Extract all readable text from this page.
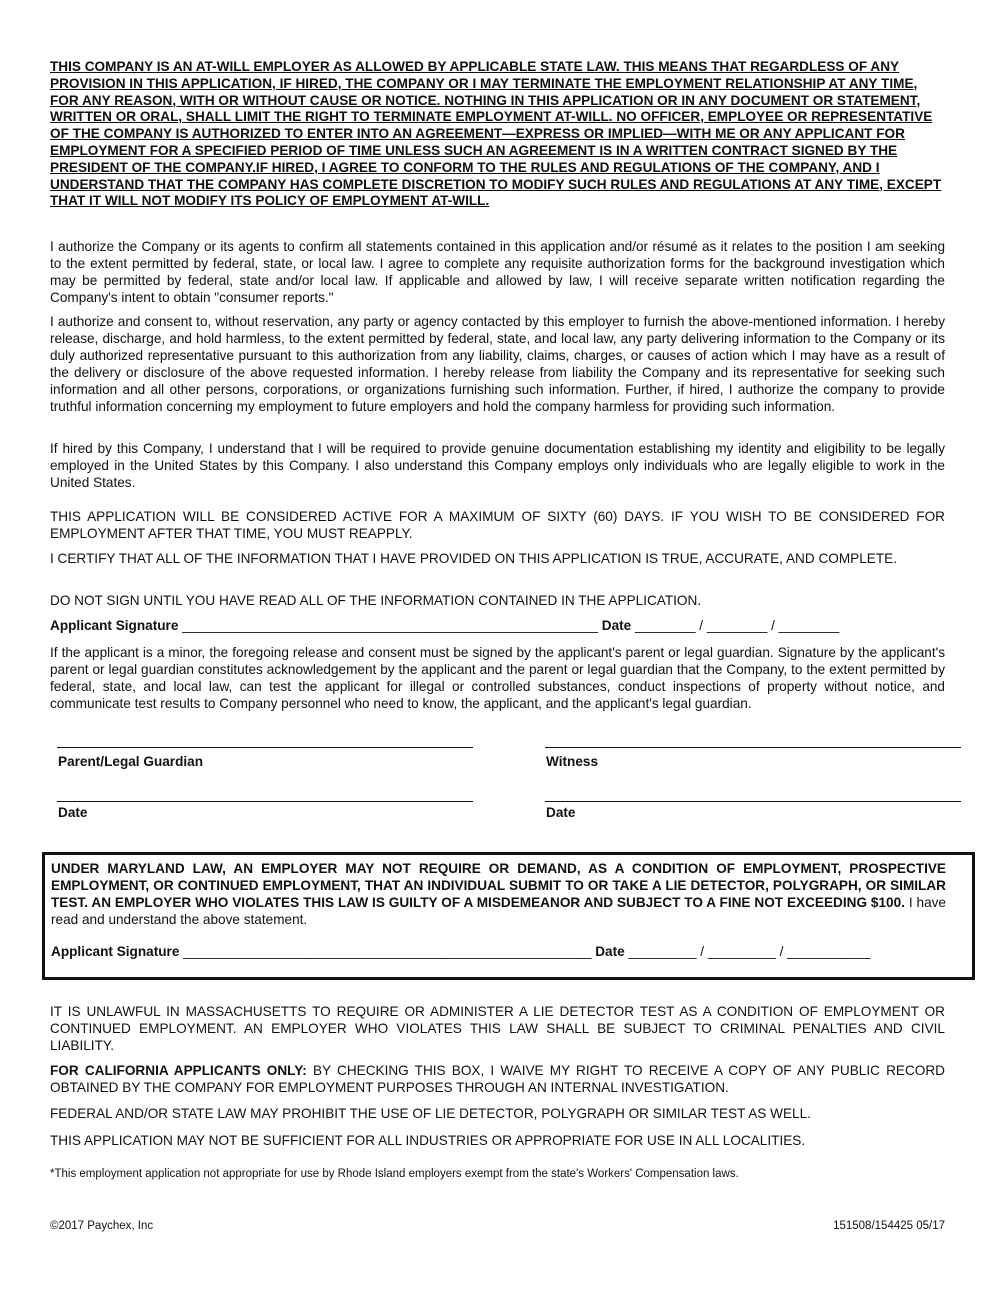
THIS COMPANY IS AN AT-WILL EMPLOYER AS ALLOWED BY APPLICABLE STATE LAW. THIS MEANS THAT REGARDLESS OF ANY PROVISION IN THIS APPLICATION, IF HIRED, THE COMPANY OR I MAY TERMINATE THE EMPLOYMENT RELATIONSHIP AT ANY TIME, FOR ANY REASON, WITH OR WITHOUT CAUSE OR NOTICE. NOTHING IN THIS APPLICATION OR IN ANY DOCUMENT OR STATEMENT, WRITTEN OR ORAL, SHALL LIMIT THE RIGHT TO TERMINATE EMPLOYMENT AT-WILL. NO OFFICER, EMPLOYEE OR REPRESENTATIVE OF THE COMPANY IS AUTHORIZED TO ENTER INTO AN AGREEMENT—EXPRESS OR IMPLIED—WITH ME OR ANY APPLICANT FOR EMPLOYMENT FOR A SPECIFIED PERIOD OF TIME UNLESS SUCH AN AGREEMENT IS IN A WRITTEN CONTRACT SIGNED BY THE PRESIDENT OF THE COMPANY.IF HIRED, I AGREE TO CONFORM TO THE RULES AND REGULATIONS OF THE COMPANY, AND I UNDERSTAND THAT THE COMPANY HAS COMPLETE DISCRETION TO MODIFY SUCH RULES AND REGULATIONS AT ANY TIME, EXCEPT THAT IT WILL NOT MODIFY ITS POLICY OF EMPLOYMENT AT-WILL.
I authorize the Company or its agents to confirm all statements contained in this application and/or résumé as it relates to the position I am seeking to the extent permitted by federal, state, or local law. I agree to complete any requisite authorization forms for the background investigation which may be permitted by federal, state and/or local law. If applicable and allowed by law, I will receive separate written notification regarding the Company's intent to obtain "consumer reports."
I authorize and consent to, without reservation, any party or agency contacted by this employer to furnish the above-mentioned information. I hereby release, discharge, and hold harmless, to the extent permitted by federal, state, and local law, any party delivering information to the Company or its duly authorized representative pursuant to this authorization from any liability, claims, charges, or causes of action which I may have as a result of the delivery or disclosure of the above requested information. I hereby release from liability the Company and its representative for seeking such information and all other persons, corporations, or organizations furnishing such information. Further, if hired, I authorize the company to provide truthful information concerning my employment to future employers and hold the company harmless for providing such information.
If hired by this Company, I understand that I will be required to provide genuine documentation establishing my identity and eligibility to be legally employed in the United States by this Company. I also understand this Company employs only individuals who are legally eligible to work in the United States.
THIS APPLICATION WILL BE CONSIDERED ACTIVE FOR A MAXIMUM OF SIXTY (60) DAYS. IF YOU WISH TO BE CONSIDERED FOR EMPLOYMENT AFTER THAT TIME, YOU MUST REAPPLY.
I CERTIFY THAT ALL OF THE INFORMATION THAT I HAVE PROVIDED ON THIS APPLICATION IS TRUE, ACCURATE, AND COMPLETE.
DO NOT SIGN UNTIL YOU HAVE READ ALL OF THE INFORMATION CONTAINED IN THE APPLICATION.
Applicant Signature _______________________________________________________ Date ________ / ________ / ________
If the applicant is a minor, the foregoing release and consent must be signed by the applicant's parent or legal guardian. Signature by the applicant's parent or legal guardian constitutes acknowledgement by the applicant and the parent or legal guardian that the Company, to the extent permitted by federal, state, and local law, can test the applicant for illegal or controlled substances, conduct inspections of property without notice, and communicate test results to Company personnel who need to know, the applicant, and the applicant's legal guardian.
Parent/Legal Guardian	Witness
Date	Date
UNDER MARYLAND LAW, AN EMPLOYER MAY NOT REQUIRE OR DEMAND, AS A CONDITION OF EMPLOYMENT, PROSPECTIVE EMPLOYMENT, OR CONTINUED EMPLOYMENT, THAT AN INDIVIDUAL SUBMIT TO OR TAKE A LIE DETECTOR, POLYGRAPH, OR SIMILAR TEST. AN EMPLOYER WHO VIOLATES THIS LAW IS GUILTY OF A MISDEMEANOR AND SUBJECT TO A FINE NOT EXCEEDING $100. I have read and understand the above statement.
Applicant Signature ______________________________________________________ Date _________ / _________ / ___________
IT IS UNLAWFUL IN MASSACHUSETTS TO REQUIRE OR ADMINISTER A LIE DETECTOR TEST AS A CONDITION OF EMPLOYMENT OR CONTINUED EMPLOYMENT. AN EMPLOYER WHO VIOLATES THIS LAW SHALL BE SUBJECT TO CRIMINAL PENALTIES AND CIVIL LIABILITY.
FOR CALIFORNIA APPLICANTS ONLY: BY CHECKING THIS BOX, I WAIVE MY RIGHT TO RECEIVE A COPY OF ANY PUBLIC RECORD OBTAINED BY THE COMPANY FOR EMPLOYMENT PURPOSES THROUGH AN INTERNAL INVESTIGATION.
FEDERAL AND/OR STATE LAW MAY PROHIBIT THE USE OF LIE DETECTOR, POLYGRAPH OR SIMILAR TEST AS WELL.
THIS APPLICATION MAY NOT BE SUFFICIENT FOR ALL INDUSTRIES OR APPROPRIATE FOR USE IN ALL LOCALITIES.
*This employment application not appropriate for use by Rhode Island employers exempt from the state's Workers' Compensation laws.
©2017 Paychex, Inc	151508/154425 05/17
